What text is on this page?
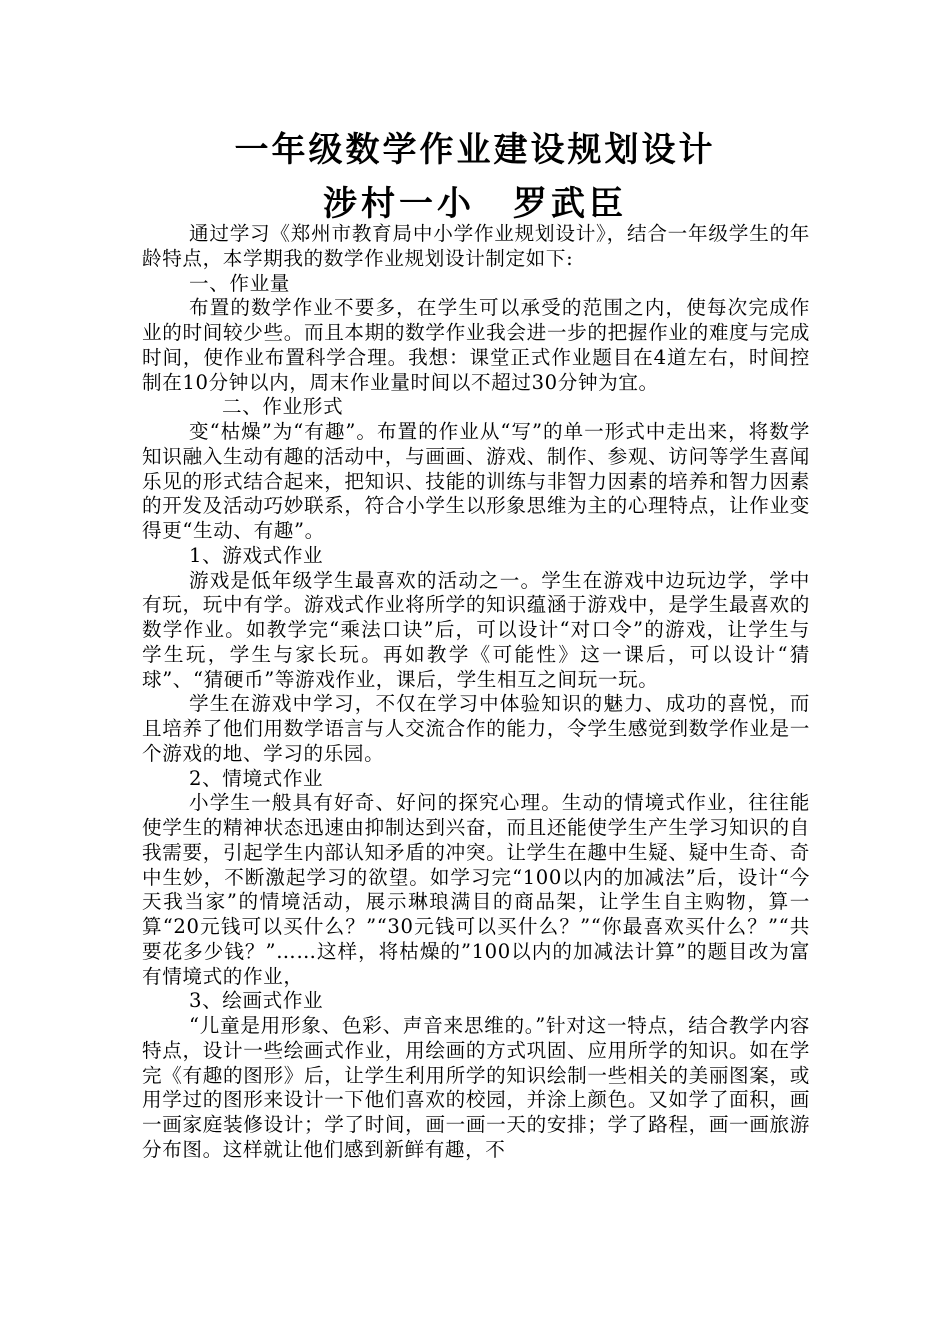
一年级数学作业建设规划设计
涉村一小　罗武臣

通过学习《郑州市教育局中小学作业规划设计》，结合一年级学生的年龄特点，本学期我的数学作业规划设计制定如下:

一、作业量

布置的数学作业不要多，在学生可以承受的范围之内，使每次完成作业的时间较少些。而且本期的数学作业我会进一步的把握作业的难度与完成时间，使作业布置科学合理。我想：课堂正式作业题目在4道左右，时间控制在10分钟以内，周末作业量时间以不超过30分钟为宜。

二、作业形式

变“枯燥”为“有趣”。布置的作业从“写”的单一形式中走出来，将数学知识融入生动有趣的活动中，与画画、游戏、制作、参观、访问等学生喜闻乐见的形式结合起来，把知识、技能的训练与非智力因素的培养和智力因素的开发及活动巧妙联系，符合小学生以形象思维为主的心理特点，让作业变得更“生动、有趣”。

1、游戏式作业

游戏是低年级学生最喜欢的活动之一。学生在游戏中边玩边学，学中有玩，玩中有学。游戏式作业将所学的知识蕴涵于游戏中，是学生最喜欢的数学作业。如教学完“乘法口诀”后，可以设计“对口令”的游戏，让学生与学生玩，学生与家长玩。再如教学《可能性》这一课后，可以设计“猜球”、“猜硬币”等游戏作业，课后，学生相互之间玩一玩。

学生在游戏中学习，不仅在学习中体验知识的魅力、成功的喜悦，而且培养了他们用数学语言与人交流合作的能力，令学生感觉到数学作业是一个游戏的地、学习的乐园。

2、情境式作业

小学生一般具有好奇、好问的探究心理。生动的情境式作业，往往能使学生的精神状态迅速由抑制达到兴奋，而且还能使学生产生学习知识的自我需要，引起学生内部认知矛盾的冲突。让学生在趣中生疑、疑中生奇、奇中生妙，不断激起学习的欲望。如学习完“100以内的加减法”后，设计“今天我当家”的情境活动，展示琳琅满目的商品架，让学生自主购物，算一算“20元钱可以买什么？”“30元钱可以买什么？”“你最喜欢买什么？”“共要花多少钱？”……这样，将枯燥的”100以内的加减法计算”的题目改为富有情境式的作业，

3、绘画式作业

“儿童是用形象、色彩、声音来思维的。”针对这一特点，结合教学内容特点，设计一些绘画式作业，用绘画的方式巩固、应用所学的知识。如在学完《有趣的图形》后，让学生利用所学的知识绘制一些相关的美丽图案，或用学过的图形来设计一下他们喜欢的校园，并涂上颜色。又如学了面积，画一画家庭装修设计；学了时间，画一画一天的安排；学了路程，画一画旅游分布图。这样就让他们感到新鲜有趣，不
